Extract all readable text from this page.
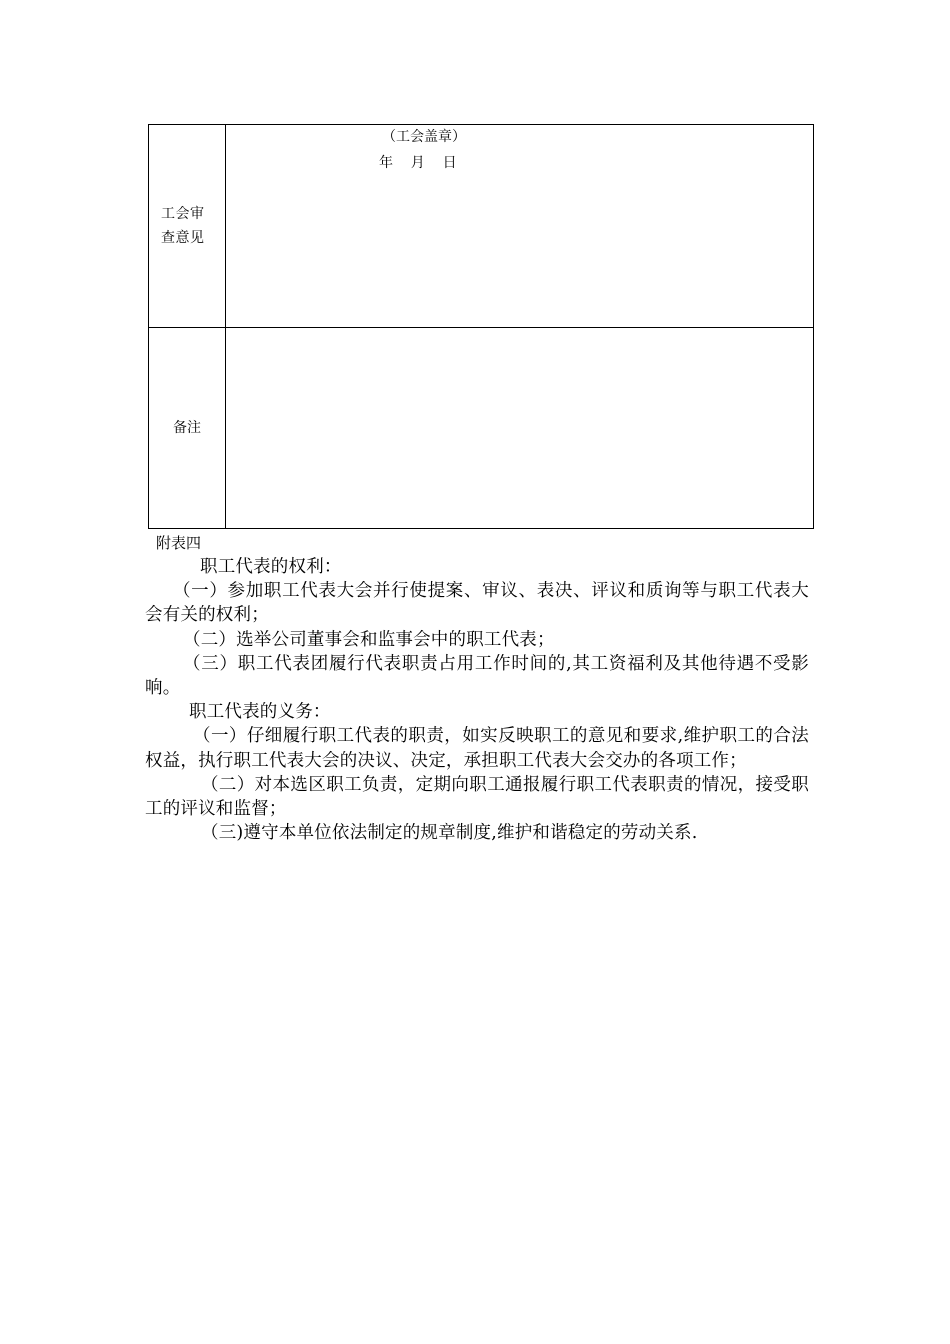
工会审查意见	（工会盖章）
年    月    日

备注	
附表四

职工代表的权利：

（一）参加职工代表大会并行使提案、审议、表决、评议和质询等与职工代表大会有关的权利；

（二）选举公司董事会和监事会中的职工代表；

（三）职工代表团履行代表职责占用工作时间的,其工资福利及其他待遇不受影响。

职工代表的义务：

（一）仔细履行职工代表的职责，如实反映职工的意见和要求,维护职工的合法权益，执行职工代表大会的决议、决定，承担职工代表大会交办的各项工作；

（二）对本选区职工负责，定期向职工通报履行职工代表职责的情况，接受职工的评议和监督；

（三)遵守本单位依法制定的规章制度,维护和谐稳定的劳动关系.
